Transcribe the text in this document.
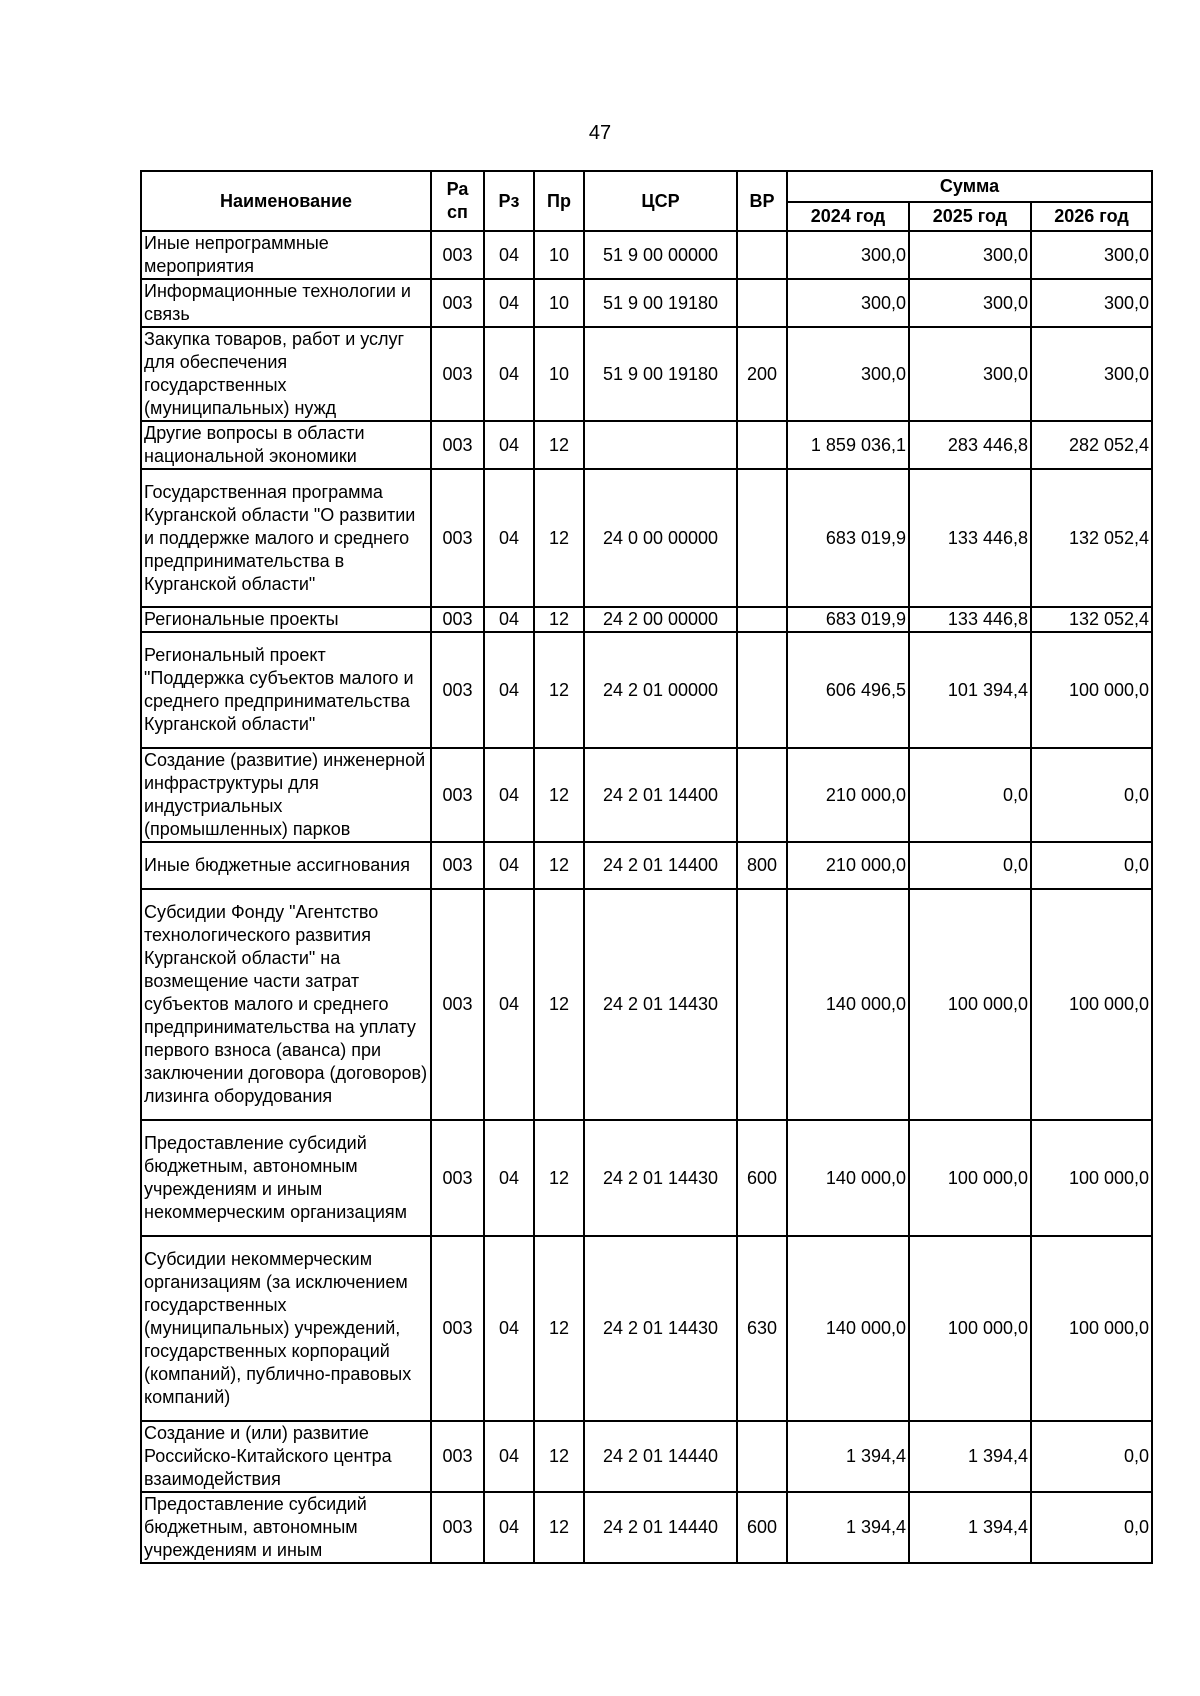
47
Наименование	Ра сп	Рз	Пр	ЦСР	ВР	Сумма		
						2024 год	2025 год	2026 год
Иные непрограммные мероприятия	003	04	10	51 9 00 00000		300,0	300,0	300,0
Информационные технологии и связь	003	04	10	51 9 00 19180		300,0	300,0	300,0
Закупка товаров, работ и услуг для обеспечения государственных (муниципальных) нужд	003	04	10	51 9 00 19180	200	300,0	300,0	300,0
Другие вопросы в области национальной экономики	003	04	12			1 859 036,1	283 446,8	282 052,4
Государственная программа Курганской области "О развитии и поддержке малого и среднего предпринимательства в Курганской области"	003	04	12	24 0 00 00000		683 019,9	133 446,8	132 052,4
Региональные проекты	003	04	12	24 2 00 00000		683 019,9	133 446,8	132 052,4
Региональный проект "Поддержка субъектов малого и среднего предпринимательства Курганской области"	003	04	12	24 2 01 00000		606 496,5	101 394,4	100 000,0
Создание (развитие) инженерной инфраструктуры для индустриальных (промышленных) парков	003	04	12	24 2 01 14400		210 000,0	0,0	0,0
Иные бюджетные ассигнования	003	04	12	24 2 01 14400	800	210 000,0	0,0	0,0
Субсидии Фонду "Агентство технологического развития Курганской области" на возмещение части затрат субъектов малого и среднего предпринимательства на уплату первого взноса (аванса) при заключении договора (договоров) лизинга оборудования	003	04	12	24 2 01 14430		140 000,0	100 000,0	100 000,0
Предоставление субсидий бюджетным, автономным учреждениям и иным некоммерческим организациям	003	04	12	24 2 01 14430	600	140 000,0	100 000,0	100 000,0
Субсидии некоммерческим организациям (за исключением государственных (муниципальных) учреждений, государственных корпораций (компаний), публично-правовых компаний)	003	04	12	24 2 01 14430	630	140 000,0	100 000,0	100 000,0
Создание и (или) развитие Российско-Китайского центра взаимодействия	003	04	12	24 2 01 14440		1 394,4	1 394,4	0,0
Предоставление субсидий бюджетным, автономным учреждениям и иным	003	04	12	24 2 01 14440	600	1 394,4	1 394,4	0,0
